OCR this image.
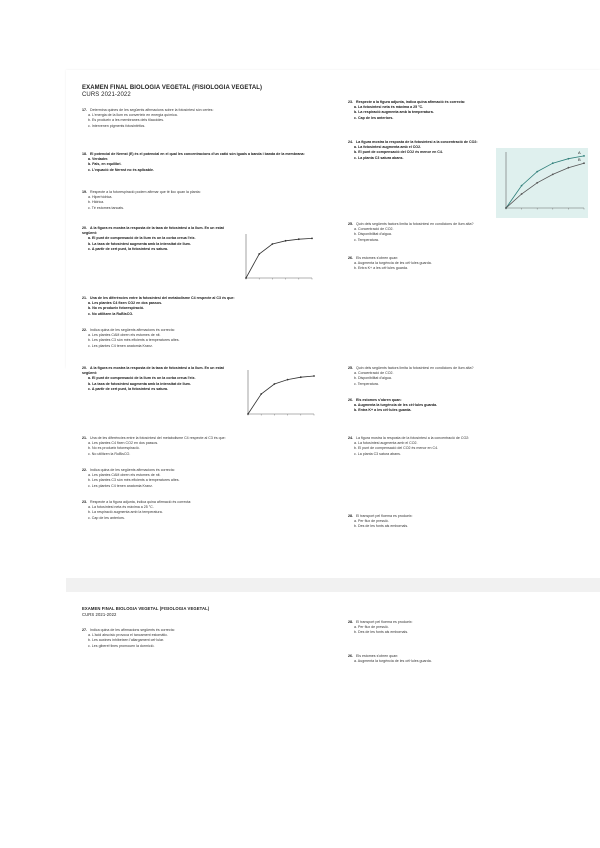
EXAMEN FINAL BIOLOGIA VEGETAL (FISIOLOGIA VEGETAL)
CURS 2021-2022
17. Determina quines de les següents afirmacions sobre la fotosíntesi són certes:
a. L'energia de la llum es converteix en energia química.
b. Es produeix a les membranes dels tilacoides.
c. Intervenen pigments fotosintètics.
18. El potencial de Nernst (E) és el potencial en el qual les concentracions d'un catió són iguals a banda i banda de la membrana:
a. Verdader.
b. Fals, en equilibri.
c. L'equació de Nernst no és aplicable.
19. Respecte a la fotorespiració podem afirmar que té lloc quan la planta:
a. Hiperhídrica.
b. Hidrica.
c. Té estomes tancats.
20. A la figura es mostra la resposta de la taxa de fotosíntesi a la llum. En un estat següent:
a. El punt de compensació de la llum és on la corba creua l'eix.
b. La taxa de fotosíntesi augmenta amb la intensitat de llum.
c. A partir de cert punt, la fotosíntesi es satura.
21. Una de les diferències entre la fotosíntesi del metabolisme C4 respecte al C3 és que:
a. Les plantes C4 fixen CO2 en dos passos.
b. No es produeix fotorespiració.
c. No utilitzen la RuBisCO.
22. Indica quina de les següents afirmacions és correcta:
a. Les plantes CAM obren els estomes de nit.
b. Les plantes C3 són més eficients a temperatures altes.
c. Les plantes C4 tenen anatomia Kranz.
23. Respecte a la figura adjunta, indica quina afirmació és correcta:
a. La fotosíntesi neta és màxima a 25 °C.
b. La respiració augmenta amb la temperatura.
c. Cap de les anteriors.
24. La figura mostra la resposta de la fotosíntesi a la concentració de CO2:
a. La fotosíntesi augmenta amb el CO2.
b. El punt de compensació del CO2 és menor en C4.
c. La planta C3 satura abans.
A
B
25. Quin dels següents factors limita la fotosíntesi en condicions de llum alta?
a. Concentració de CO2.
b. Disponibilitat d'aigua.
c. Temperatura.
26. Els estomes s'obren quan:
a. Augmenta la turgència de les cèl·lules guarda.
b. Entra K+ a les cèl·lules guarda.
20. A la figura es mostra la resposta de la taxa de fotosíntesi a la llum. En un estat següent:
a. El punt de compensació de la llum és on la corba creua l'eix.
b. La taxa de fotosíntesi augmenta amb la intensitat de llum.
c. A partir de cert punt, la fotosíntesi es satura.
21. Una de les diferències entre la fotosíntesi del metabolisme C4 respecte al C3 és que:
a. Les plantes C4 fixen CO2 en dos passos.
b. No es produeix fotorespiració.
c. No utilitzen la RuBisCO.
22. Indica quina de les següents afirmacions és correcta:
a. Les plantes CAM obren els estomes de nit.
b. Les plantes C3 són més eficients a temperatures altes.
c. Les plantes C4 tenen anatomia Kranz.
23. Respecte a la figura adjunta, indica quina afirmació és correcta:
a. La fotosíntesi neta és màxima a 25 °C.
b. La respiració augmenta amb la temperatura.
c. Cap de les anteriors.
25. Quin dels següents factors limita la fotosíntesi en condicions de llum alta?
a. Concentració de CO2.
b. Disponibilitat d'aigua.
c. Temperatura.
26. Els estomes s'obren quan:
a. Augmenta la turgència de les cèl·lules guarda.
b. Entra K+ a les cèl·lules guarda.
24. La figura mostra la resposta de la fotosíntesi a la concentració de CO2:
a. La fotosíntesi augmenta amb el CO2.
b. El punt de compensació del CO2 és menor en C4.
c. La planta C3 satura abans.
28. El transport pel floema es produeix:
a. Per flux de pressió.
b. Des de les fonts als embornals.
EXAMEN FINAL BIOLOGIA VEGETAL (FISIOLOGIA VEGETAL)
CURS 2021-2022
27. Indica quina de les afirmacions següents és correcta:
a. L'àcid abscísic provoca el tancament estomàtic.
b. Les auxines inhibeixen l'allargament cel·lular.
c. Les giberel·lines promouen la dormició.
28. El transport pel floema es produeix:
a. Per flux de pressió.
b. Des de les fonts als embornals.
26. Els estomes s'obren quan:
a. Augmenta la turgència de les cèl·lules guarda.
